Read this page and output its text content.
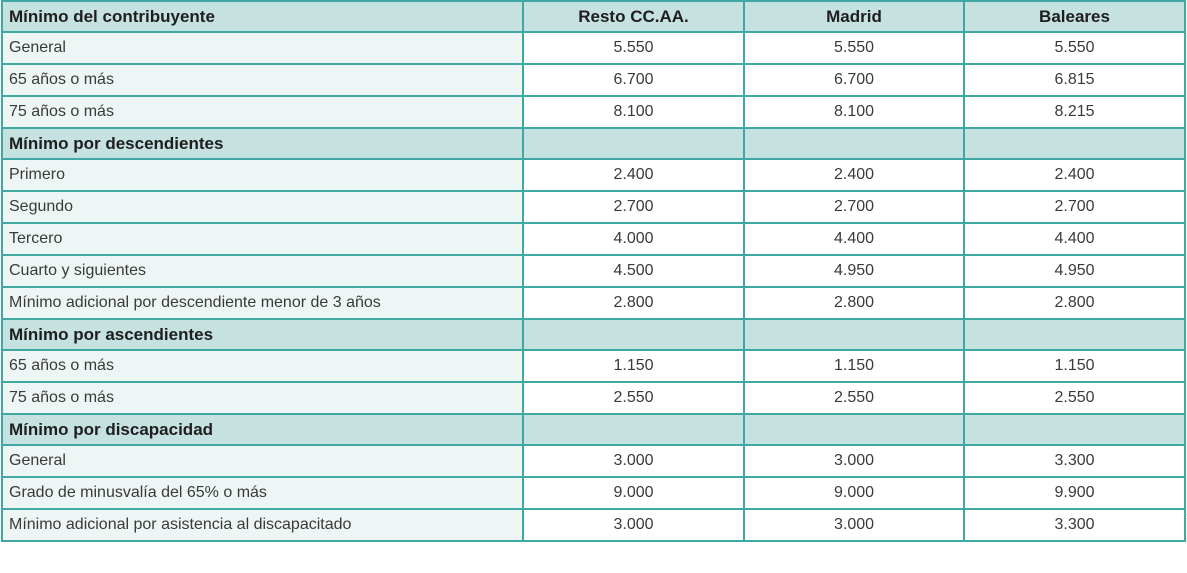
Mínimo del contribuyente	Resto CC.AA.	Madrid	Baleares
General	5.550	5.550	5.550
65 años o más	6.700	6.700	6.815
75 años o más	8.100	8.100	8.215
Mínimo por descendientes			
Primero	2.400	2.400	2.400
Segundo	2.700	2.700	2.700
Tercero	4.000	4.400	4.400
Cuarto y siguientes	4.500	4.950	4.950
Mínimo adicional por descendiente menor de 3 años	2.800	2.800	2.800
Mínimo por ascendientes			
65 años o más	1.150	1.150	1.150
75 años o más	2.550	2.550	2.550
Mínimo por discapacidad			
General	3.000	3.000	3.300
Grado de minusvalía del 65% o más	9.000	9.000	9.900
Mínimo adicional por asistencia al discapacitado	3.000	3.000	3.300
